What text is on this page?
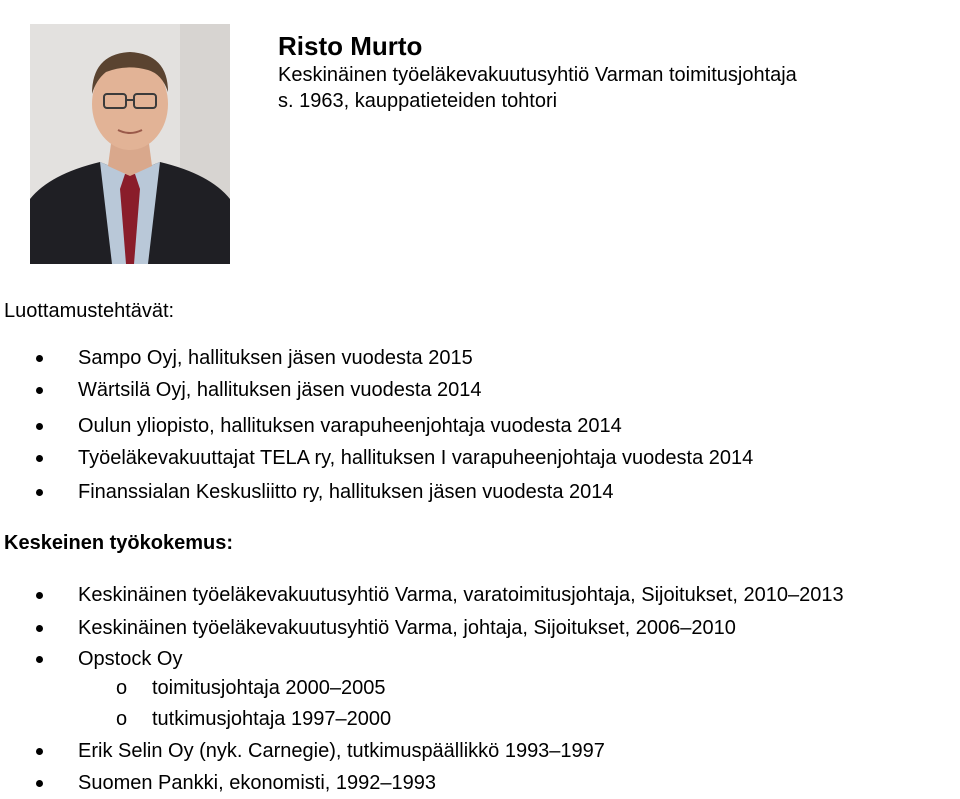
Risto Murto
Keskinäinen työeläkevakuutusyhtiö Varman toimitusjohtaja
s. 1963, kauppatieteiden tohtori
Luottamustehtävät:
Sampo Oyj, hallituksen jäsen vuodesta 2015
Wärtsilä Oyj, hallituksen jäsen vuodesta 2014
Oulun yliopisto, hallituksen varapuheenjohtaja vuodesta 2014
Työeläkevakuuttajat TELA ry, hallituksen I varapuheenjohtaja vuodesta 2014
Finanssialan Keskusliitto ry, hallituksen jäsen vuodesta 2014
Keskeinen työkokemus:
Keskinäinen työeläkevakuutusyhtiö Varma, varatoimitusjohtaja, Sijoitukset, 2010–2013
Keskinäinen työeläkevakuutusyhtiö Varma, johtaja, Sijoitukset, 2006–2010
Opstock Oy
o toimitusjohtaja 2000–2005
o tutkimusjohtaja 1997–2000
Erik Selin Oy (nyk. Carnegie), tutkimuspäällikkö 1993–1997
Suomen Pankki, ekonomisti, 1992–1993
